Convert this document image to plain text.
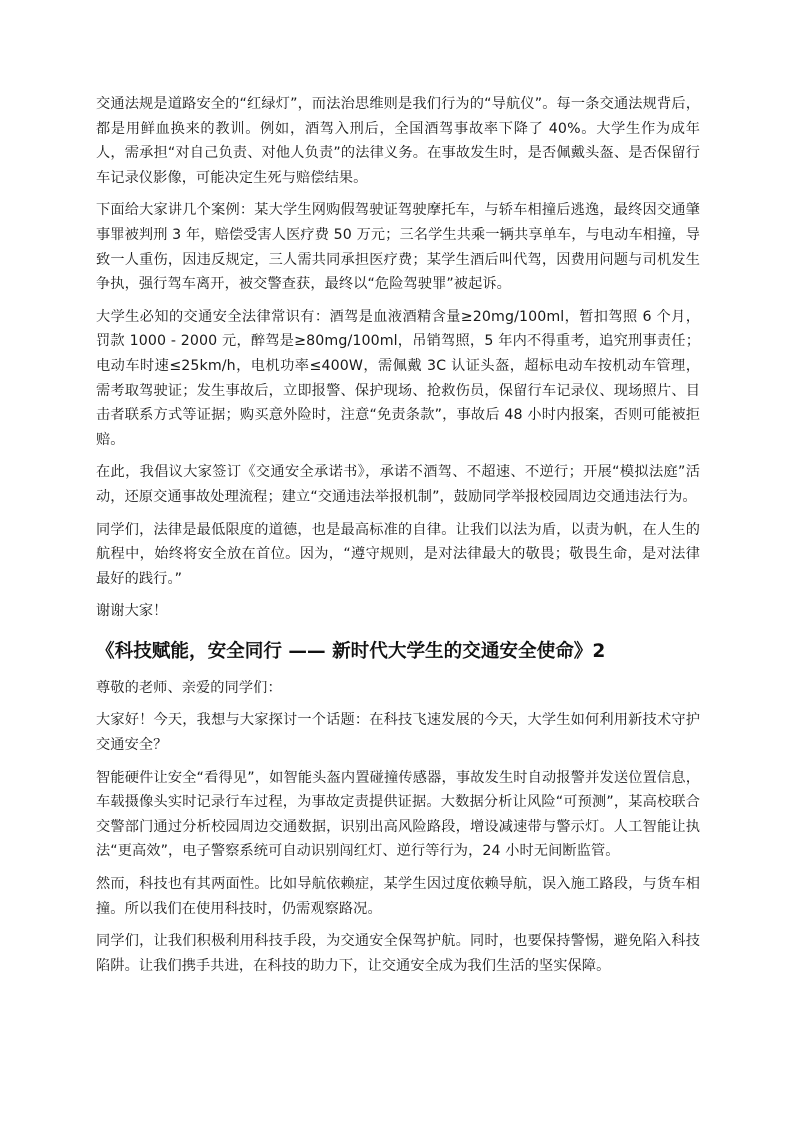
交通法规是道路安全的“红绿灯”，而法治思维则是我们行为的“导航仪”。每一条交通法规背后，都是用鲜血换来的教训。例如，酒驾入刑后，全国酒驾事故率下降了 40%。大学生作为成年人，需承担“对自己负责、对他人负责”的法律义务。在事故发生时，是否佩戴头盔、是否保留行车记录仪影像，可能决定生死与赔偿结果。

下面给大家讲几个案例：某大学生网购假驾驶证驾驶摩托车，与轿车相撞后逃逸，最终因交通肇事罪被判刑 3 年，赔偿受害人医疗费 50 万元；三名学生共乘一辆共享单车，与电动车相撞，导致一人重伤，因违反规定，三人需共同承担医疗费；某学生酒后叫代驾，因费用问题与司机发生争执，强行驾车离开，被交警查获，最终以“危险驾驶罪”被起诉。

大学生必知的交通安全法律常识有：酒驾是血液酒精含量≥20mg/100ml，暂扣驾照 6 个月，罚款 1000 - 2000 元，醉驾是≥80mg/100ml，吊销驾照，5 年内不得重考，追究刑事责任；电动车时速≤25km/h，电机功率≤400W，需佩戴 3C 认证头盔，超标电动车按机动车管理，需考取驾驶证；发生事故后，立即报警、保护现场、抢救伤员，保留行车记录仪、现场照片、目击者联系方式等证据；购买意外险时，注意“免责条款”，事故后 48 小时内报案，否则可能被拒赔。

在此，我倡议大家签订《交通安全承诺书》，承诺不酒驾、不超速、不逆行；开展“模拟法庭”活动，还原交通事故处理流程；建立“交通违法举报机制”，鼓励同学举报校园周边交通违法行为。

同学们，法律是最低限度的道德，也是最高标准的自律。让我们以法为盾，以责为帆，在人生的航程中，始终将安全放在首位。因为，“遵守规则，是对法律最大的敬畏；敬畏生命，是对法律最好的践行。”

谢谢大家！

《科技赋能，安全同行 —— 新时代大学生的交通安全使命》2

尊敬的老师、亲爱的同学们：

大家好！今天，我想与大家探讨一个话题：在科技飞速发展的今天，大学生如何利用新技术守护交通安全？

智能硬件让安全“看得见”，如智能头盔内置碰撞传感器，事故发生时自动报警并发送位置信息，车载摄像头实时记录行车过程，为事故定责提供证据。大数据分析让风险“可预测”，某高校联合交警部门通过分析校园周边交通数据，识别出高风险路段，增设减速带与警示灯。人工智能让执法“更高效”，电子警察系统可自动识别闯红灯、逆行等行为，24 小时无间断监管。

然而，科技也有其两面性。比如导航依赖症，某学生因过度依赖导航，误入施工路段，与货车相撞。所以我们在使用科技时，仍需观察路况。

同学们，让我们积极利用科技手段，为交通安全保驾护航。同时，也要保持警惕，避免陷入科技陷阱。让我们携手共进，在科技的助力下，让交通安全成为我们生活的坚实保障。
